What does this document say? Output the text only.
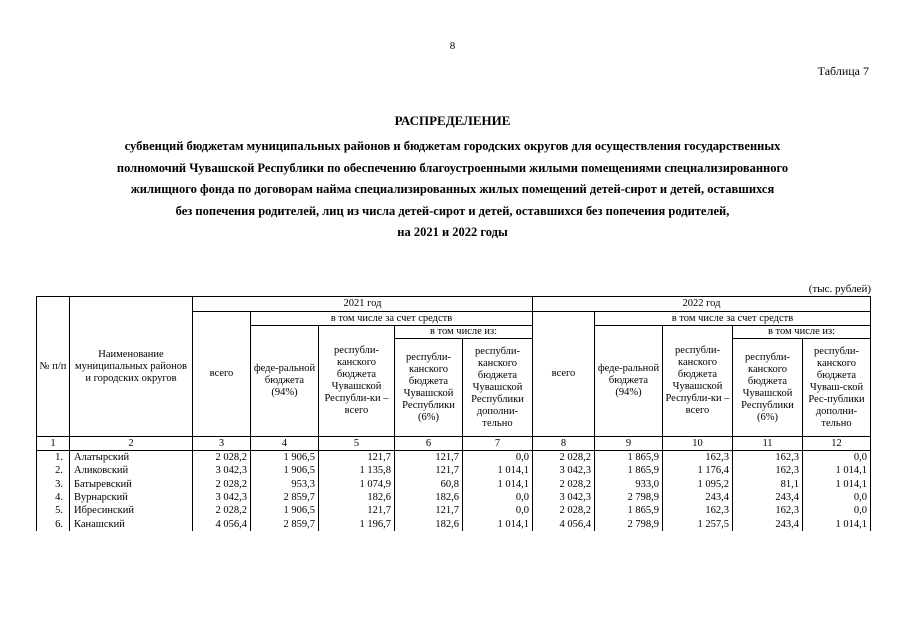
8
Таблица 7
РАСПРЕДЕЛЕНИЕ
субвенций бюджетам муниципальных районов и бюджетам городских округов для осуществления государственных
полномочий Чувашской Республики по обеспечению благоустроенными жилыми помещениями специализированного
жилищного фонда по договорам найма специализированных жилых помещений детей-сирот и детей, оставшихся
без попечения родителей, лиц из числа детей-сирот и детей, оставшихся без попечения родителей,
на 2021 и 2022 годы
(тыс. рублей)
№ п/п	Наименование муниципальных районов и городских округов	2021 год					2022 год				
		всего	в том числе за счет средств				всего	в том числе за счет средств			
			феде-ральной бюджета (94%)	республи-канского бюджета Чувашской Республи-ки – всего	в том числе из:			феде-ральной бюджета (94%)	республи-канского бюджета Чувашской Республи-ки – всего	в том числе из:	
					республи-канского бюджета Чувашской Республики (6%)	республи-канского бюджета Чувашской Республики дополни-тельно				республи-канского бюджета Чувашской Республики (6%)	республи-канского бюджета Чуваш-ской Рес-публики дополни-тельно
1	2	3	4	5	6	7	8	9	10	11	12
1.	Алатырский	2 028,2	1 906,5	121,7	121,7	0,0	2 028,2	1 865,9	162,3	162,3	0,0
2.	Аликовский	3 042,3	1 906,5	1 135,8	121,7	1 014,1	3 042,3	1 865,9	1 176,4	162,3	1 014,1
3.	Батыревский	2 028,2	953,3	1 074,9	60,8	1 014,1	2 028,2	933,0	1 095,2	81,1	1 014,1
4.	Вурнарский	3 042,3	2 859,7	182,6	182,6	0,0	3 042,3	2 798,9	243,4	243,4	0,0
5.	Ибресинский	2 028,2	1 906,5	121,7	121,7	0,0	2 028,2	1 865,9	162,3	162,3	0,0
6.	Канашский	4 056,4	2 859,7	1 196,7	182,6	1 014,1	4 056,4	2 798,9	1 257,5	243,4	1 014,1
